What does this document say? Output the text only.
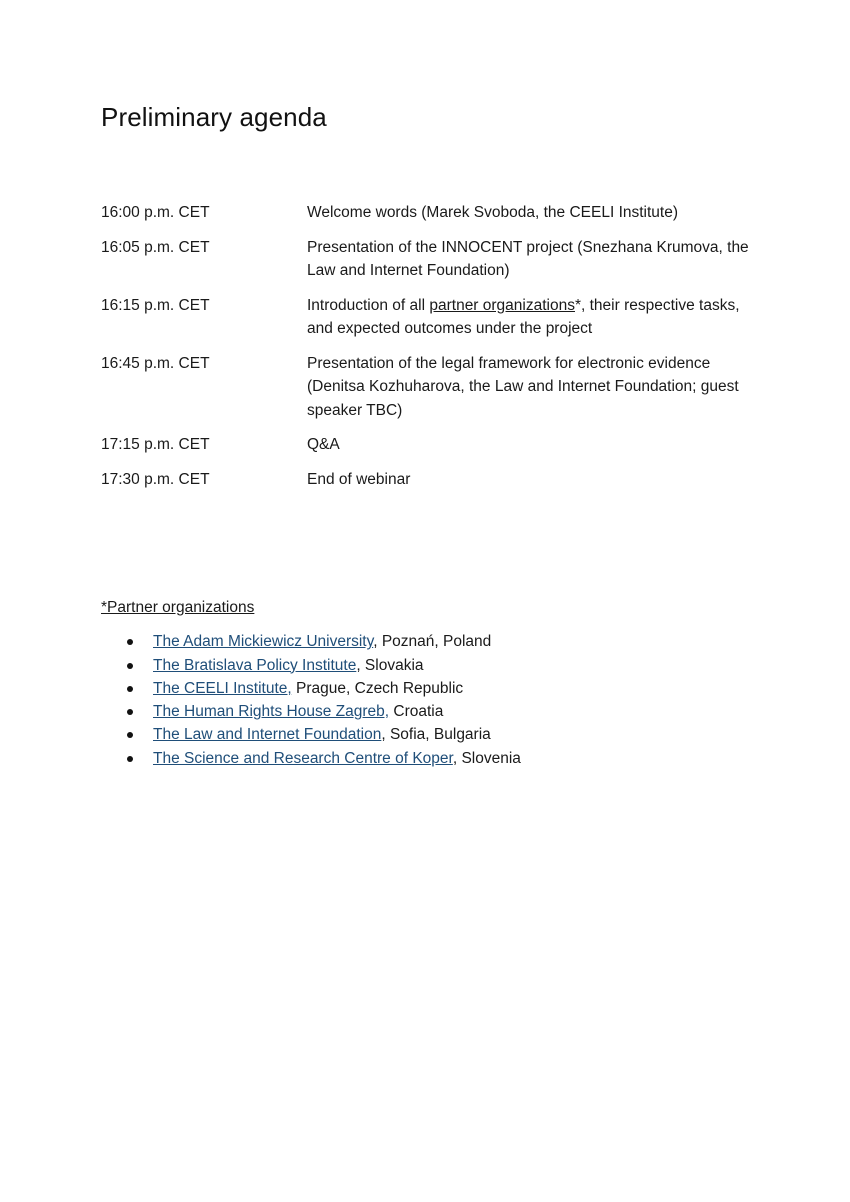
Preliminary agenda
16:00 p.m. CET	Welcome words (Marek Svoboda, the CEELI Institute)
16:05 p.m. CET	Presentation of the INNOCENT project (Snezhana Krumova, the Law and Internet Foundation)
16:15 p.m. CET	Introduction of all partner organizations*, their respective tasks, and expected outcomes under the project
16:45 p.m. CET	Presentation of the legal framework for electronic evidence (Denitsa Kozhuharova, the Law and Internet Foundation; guest speaker TBC)
17:15 p.m. CET	Q&A
17:30 p.m. CET	End of webinar
*Partner organizations
The Adam Mickiewicz University, Poznań, Poland
The Bratislava Policy Institute, Slovakia
The CEELI Institute, Prague, Czech Republic
The Human Rights House Zagreb, Croatia
The Law and Internet Foundation, Sofia, Bulgaria
The Science and Research Centre of Koper, Slovenia
